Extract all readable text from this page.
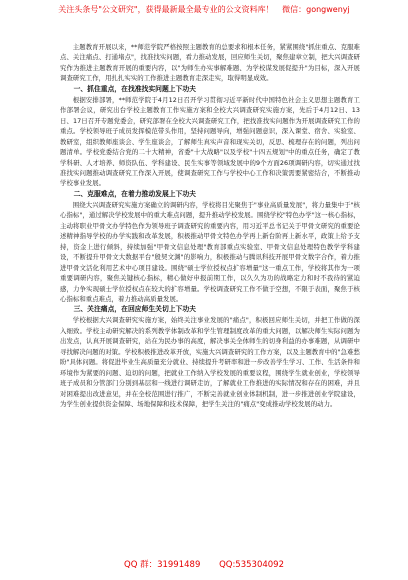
关注头条号"公文研究"，获得最新最全最专业的公文资料库！ 微信：gongwenyj

主题教育开展以来，**师范学院严格按照主题教育的总要求和根本任务，紧紧围绕"抓住重点、克服难点、关注痛点、打通堵点"，找准找实问题，看力推动发展，回应师生关切，聚焦建章立制，把大兴调查研究作为推进主题教育开展的重要内容，以"为师生办实事解难题、为学校谋发展促提升"为目标，深入开展调查研究工作，用扎扎实实的工作推进主题教育走深走实，取得明显成效。

一、抓住重点，在找准找实问题上下功夫

根据安排部署，**师范学院于4月12日召开学习贯彻习近平新时代中国特色社会主义思想主题教育工作部署会议，研究出台学校主题教育工作实施方案和全校大兴调查研究实施方案，先后于4月12日、13日、17日召开专题党委会，研究部署在全校大兴调查研究工作，把找准找实问题作为开展调查研究工作的重点。学校领导班子成员发挥模范带头作用，坚持问题导向，增强问题意识，深入课堂、宿舍、实验室、教研室，组织教师座谈会、学生座谈会，了解师生真实声音和现实关切，反思、梳理存在的问题，列出问题清单。学校党委结合党的二十大精神，省委"十大战略"以及学校"十四五规划"中的重点任务，确定了教学科研、人才培养、师资队伍、学科建设、民生实事等领域发展中的9个方面26项调研内容，切实通过找准找实问题推动调查研究工作深入开展，使调查研究工作与学校中心工作和决策需要紧密结合，不断推动学校事业发展。

二、克服难点，在着力推动发展上下功夫

围绕大兴调查研究实施方案确立的调研内容，学校将目光聚焦于"事业高质量发展"，将力量集中于"核心指标"，通过解决学校发展中的重大难点问题，提升推动学校发展。围绕学校"特色办学"这一核心指标，主动将职业甲骨文办学特色作为领导班子调查研究的重要内容，用习近平总书记关于甲骨文研究的重要论述精神指导学校的办学实践和改革发展，积极推动甲骨文特色办学再上新台阶再上新水平，政策上给予支持，资金上进行倾斜，持续加强"甲骨文信息处理"教育部重点实验室、甲骨文信息处理特色教学学科建设，不断提升甲骨文大数据平台"殷契文渊"的影响力，积极推动与腾讯科技开展甲骨文数字合作，着力推进甲骨文活化利用艺术中心项目建设。围绕"硕士学位授权点扩容增量"这一重点工作，学校将其作为一项重要调研内容，聚焦关键核心指标，精心做好申报前期工作，以久久为功的战略定力和时不我待的紧迫感，力争实现硕士学位授权点在较大的扩容增量。学校调查研究工作不做于空想，不限于表面，聚焦于核心指标和重点难点，着力推动高质量发展。

三、关注痛点，在回应师生关切上下功夫

学校根据大兴调查研究实施方案，始终关注事业发展的"痛点"，积极回应师生关切，并把工作做的深入细致。学校主动研究解决的系列教学体制改革和学生管理制度改革的重大问题，以解决师生实际问题为出发点，认真开展调查研究，站在为民办事的高度，解决事关全体师生的切身利益的办事难题，从调研中寻找解决问题的对策。学校积极推进改革开放，实施大兴调查研究的工作方案，以及主题教育中的"急难愁盼"具体问题。将促进毕业生高质量充分就业、持续提升考研率和进一步改善学生学习、工作、生活条件和环境作为紧要的问题、迫切的问题，把就业工作纳入学校发展的重要议程，围绕学生就业创业，学校领导班子成员和分管部门分别到基层和一线进行调研走访，了解就业工作推进的实际情况和存在的困难，并且对困难提出改进意见，并在全校范围进行推广，不断完善就业创业体制机制，进一步推进创业学院建设，为学生创业提供资金保障、场地保障和技术保障，把学生关注的"痛点"变成推动学校发展的动力。

QQ 群：31991489 QQ:535304092
